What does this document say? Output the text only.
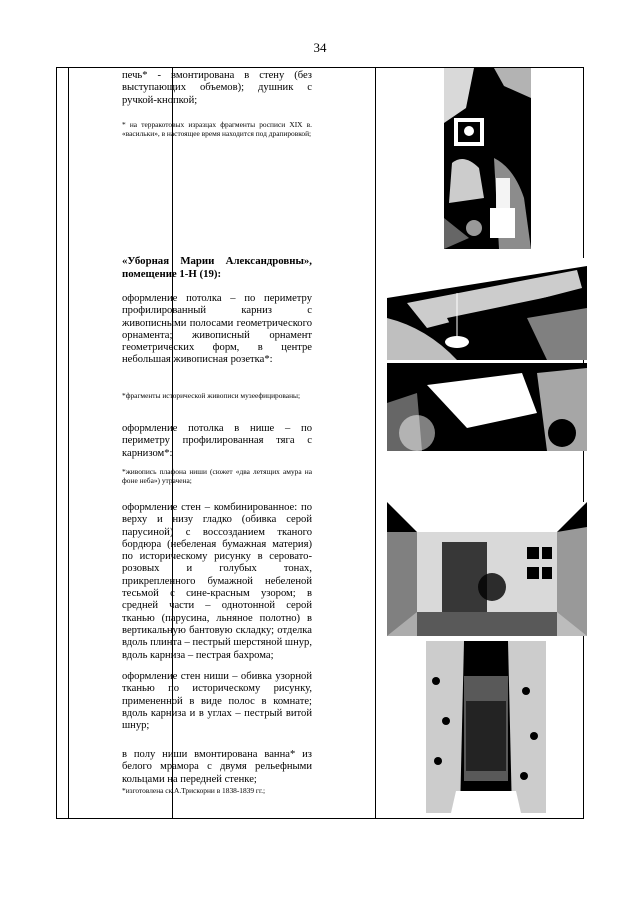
34
печь* - вмонтирована в стену (без выступающих объемов); душник с ручкой-кнопкой;
* на терракотовых изразцах фрагменты росписи XIX в. «васильки», в настоящее время находится под драпировкой;
«Уборная Марии Александровны», помещение 1-Н (19):
оформление потолка – по периметру профилированный карниз с живописными полосами геометрического орнамента; живописный орнамент геометрических форм, в центре небольшая живописная розетка*:
*фрагменты исторической живописи музеефицированы;
оформление потолка в нише – по периметру профилированная тяга с карнизом*:
*живопись плафона ниши (сюжет «два летящих амура на фоне неба») утрачена;
оформление стен – комбинированное: по верху и низу гладко (обивка серой парусиной) с воссозданием тканого бордюра (небеленая бумажная материя) по историческому рисунку в серовато-розовых и голубых тонах, прикрепленного бумажной небеленой тесьмой с сине-красным узором; в средней части – однотонной серой тканью (парусина, льняное полотно) в вертикальную бантовую складку; отделка вдоль плинта – пестрый шерстяной шнур, вдоль карниза – пестрая бахрома;
оформление стен ниши – обивка узорной тканью по историческому рисунку, примененной в виде полос в комнате; вдоль карниза и в углах – пестрый витой шнур;
в полу ниши вмонтирована ванна* из белого мрамора с двумя рельефными кольцами на передней стенке;
*изготовлена ск.А.Трискорни в 1838-1839 гг.;
